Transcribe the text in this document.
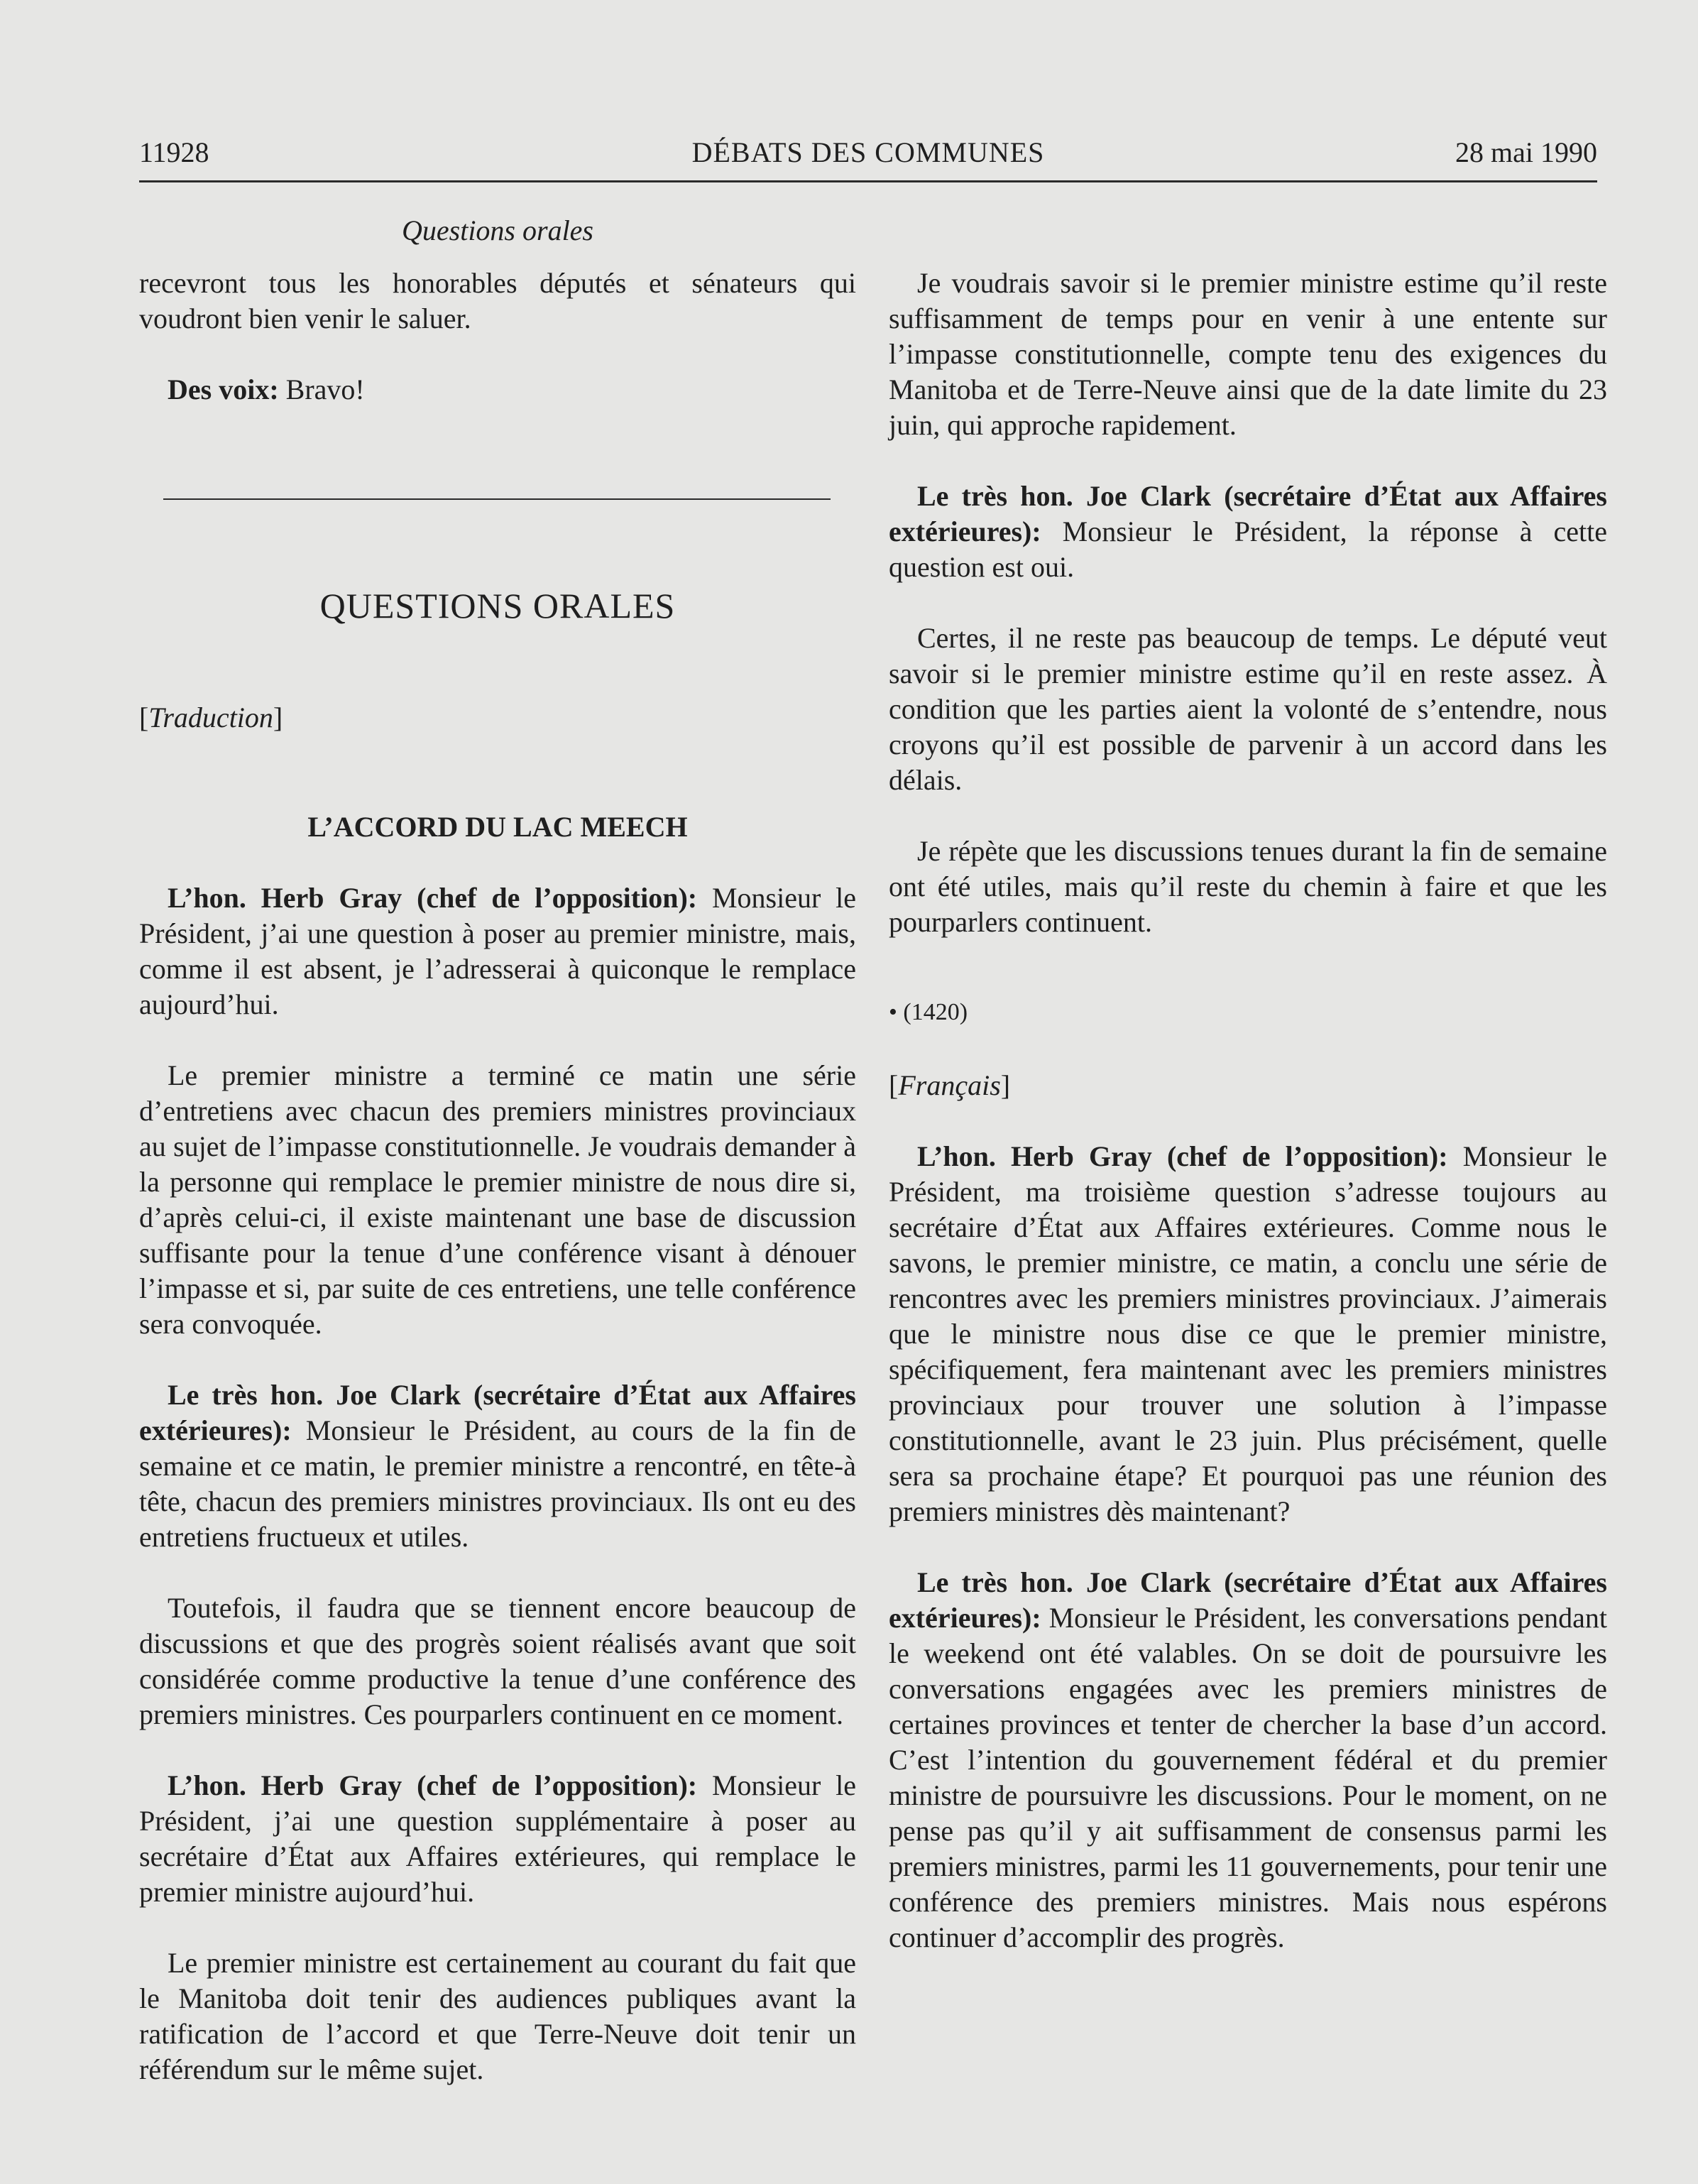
11928	DÉBATS DES COMMUNES	28 mai 1990
Questions orales

recevront tous les honorables députés et sénateurs qui voudront bien venir le saluer.

Des voix: Bravo!

QUESTIONS ORALES

[Traduction]

L’ACCORD DU LAC MEECH

L’hon. Herb Gray (chef de l’opposition): Monsieur le Président, j’ai une question à poser au premier ministre, mais, comme il est absent, je l’adresserai à quiconque le remplace aujourd’hui.

Le premier ministre a terminé ce matin une série d’entretiens avec chacun des premiers ministres provinciaux au sujet de l’impasse constitutionnelle. Je voudrais demander à la personne qui remplace le premier ministre de nous dire si, d’après celui-ci, il existe maintenant une base de discussion suffisante pour la tenue d’une conférence visant à dénouer l’impasse et si, par suite de ces entretiens, une telle conférence sera convoquée.

Le très hon. Joe Clark (secrétaire d’État aux Affaires extérieures): Monsieur le Président, au cours de la fin de semaine et ce matin, le premier ministre a rencontré, en tête-à tête, chacun des premiers ministres provinciaux. Ils ont eu des entretiens fructueux et utiles.

Toutefois, il faudra que se tiennent encore beaucoup de discussions et que des progrès soient réalisés avant que soit considérée comme productive la tenue d’une conférence des premiers ministres. Ces pourparlers continuent en ce moment.

L’hon. Herb Gray (chef de l’opposition): Monsieur le Président, j’ai une question supplémentaire à poser au secrétaire d’État aux Affaires extérieures, qui remplace le premier ministre aujourd’hui.

Le premier ministre est certainement au courant du fait que le Manitoba doit tenir des audiences publiques avant la ratification de l’accord et que Terre-Neuve doit tenir un référendum sur le même sujet.

Je voudrais savoir si le premier ministre estime qu’il reste suffisamment de temps pour en venir à une entente sur l’impasse constitutionnelle, compte tenu des exigences du Manitoba et de Terre-Neuve ainsi que de la date limite du 23 juin, qui approche rapidement.

Le très hon. Joe Clark (secrétaire d’État aux Affaires extérieures): Monsieur le Président, la réponse à cette question est oui.

Certes, il ne reste pas beaucoup de temps. Le député veut savoir si le premier ministre estime qu’il en reste assez. À condition que les parties aient la volonté de s’entendre, nous croyons qu’il est possible de parvenir à un accord dans les délais.

Je répète que les discussions tenues durant la fin de semaine ont été utiles, mais qu’il reste du chemin à faire et que les pourparlers continuent.

• (1420)

[Français]

L’hon. Herb Gray (chef de l’opposition): Monsieur le Président, ma troisième question s’adresse toujours au secrétaire d’État aux Affaires extérieures. Comme nous le savons, le premier ministre, ce matin, a conclu une série de rencontres avec les premiers ministres provinciaux. J’aimerais que le ministre nous dise ce que le premier ministre, spécifiquement, fera maintenant avec les premiers ministres provinciaux pour trouver une solution à l’impasse constitutionnelle, avant le 23 juin. Plus précisément, quelle sera sa prochaine étape? Et pourquoi pas une réunion des premiers ministres dès maintenant?

Le très hon. Joe Clark (secrétaire d’État aux Affaires extérieures): Monsieur le Président, les conversations pendant le weekend ont été valables. On se doit de poursuivre les conversations engagées avec les premiers ministres de certaines provinces et tenter de chercher la base d’un accord. C’est l’intention du gouvernement fédéral et du premier ministre de poursuivre les discussions. Pour le moment, on ne pense pas qu’il y ait suffisamment de consensus parmi les premiers ministres, parmi les 11 gouvernements, pour tenir une conférence des premiers ministres. Mais nous espérons continuer d’accomplir des progrès.
